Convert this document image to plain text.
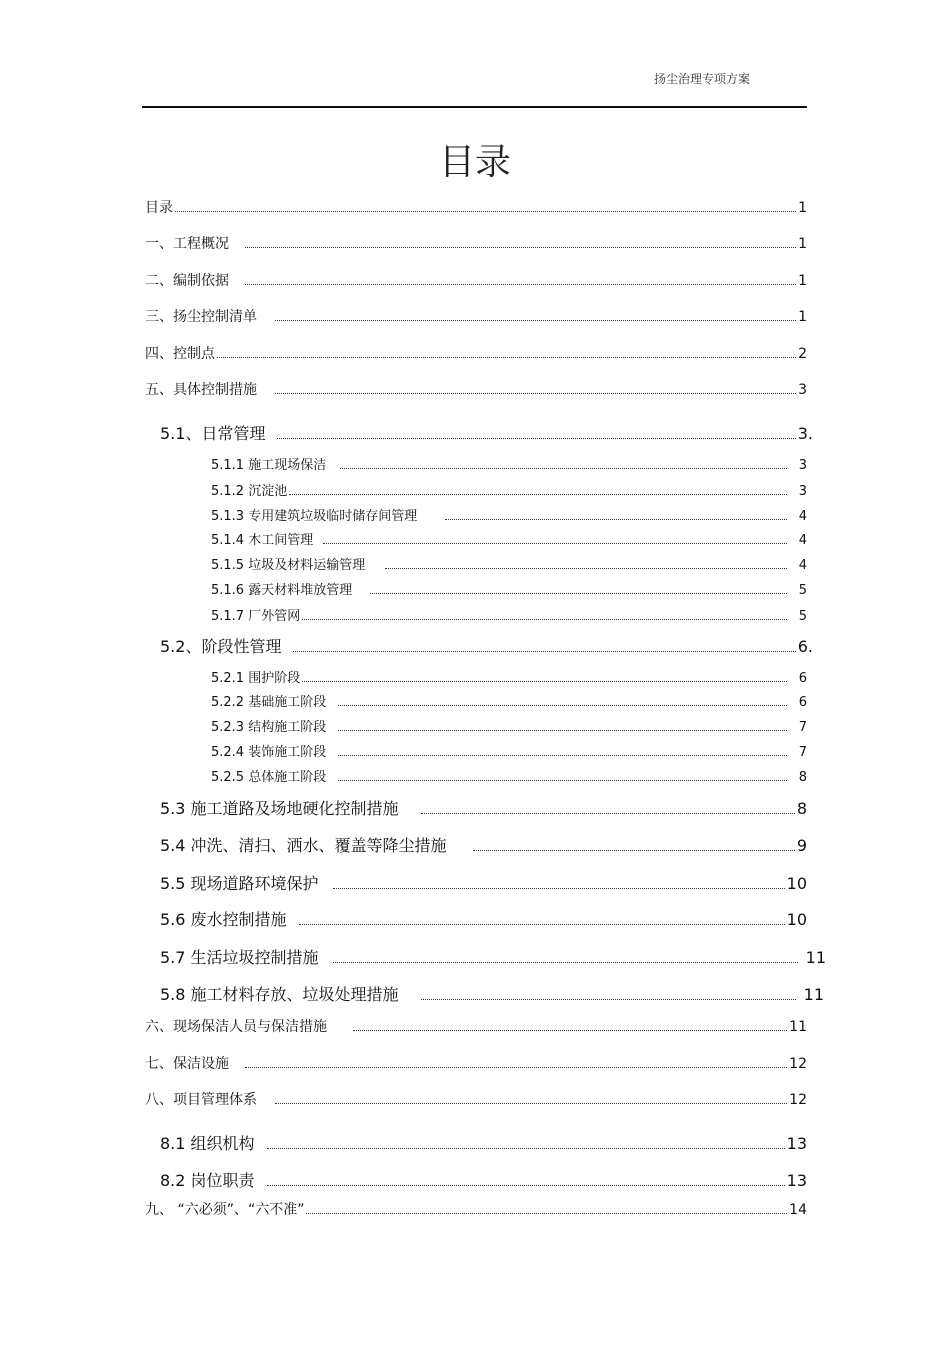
扬尘治理专项方案
目录
目录	1
一、工程概况	1
二、编制依据	1
三、扬尘控制清单	1
四、控制点	2
五、具体控制措施	3
5.1、日常管理	3.
5.1.1 施工现场保洁	3
5.1.2 沉淀池	3
5.1.3 专用建筑垃圾临时储存间管理	4
5.1.4 木工间管理	4
5.1.5 垃圾及材料运输管理	4
5.1.6 露天材料堆放管理	5
5.1.7 厂外管网	5
5.2、阶段性管理	6.
5.2.1 围护阶段	6
5.2.2 基础施工阶段	6
5.2.3 结构施工阶段	7
5.2.4 装饰施工阶段	7
5.2.5 总体施工阶段	8
5.3 施工道路及场地硬化控制措施	8
5.4 冲洗、清扫、洒水、覆盖等降尘措施	9
5.5 现场道路环境保护	10
5.6 废水控制措施	10
5.7 生活垃圾控制措施	11
5.8 施工材料存放、垃圾处理措施	11
六、现场保洁人员与保洁措施	11
七、保洁设施	12
八、项目管理体系	12
8.1 组织机构	13
8.2 岗位职责	13
九、 “六必须”、“六不准”	14
